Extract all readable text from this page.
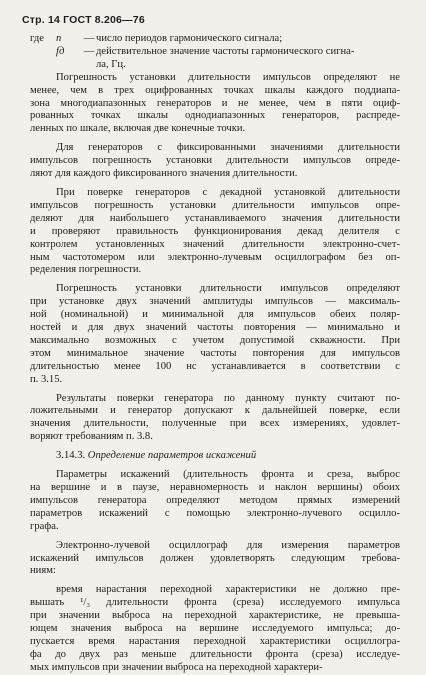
Стр. 14 ГОСТ 8.206—76
где	n	— число периодов гармонического сигнала;
fд	— действительное значение частоты гармонического сигна-
ла, Гц.
Погрешность установки длительности импульсов определяют не
менее, чем в трех оцифрованных точках шкалы каждого поддиапа-
зона многодиапазонных генераторов и не менее, чем в пяти оциф-
рованных точках шкалы однодиапазонных генераторов, распреде-
ленных по шкале, включая две конечные точки.
Для генераторов с фиксированными значениями длительности
импульсов погрешность установки длительности импульсов опреде-
ляют для каждого фиксированного значения длительности.
При поверке генераторов с декадной установкой длительности
импульсов погрешность установки длительности импульсов опре-
деляют для наибольшего устанавливаемого значения длительности
и проверяют правильность функционирования декад делителя с
контролем установленных значений длительности электронно-счет-
ным частотомером или электронно-лучевым осциллографом без оп-
ределения погрешности.
Погрешность установки длительности импульсов определяют
при установке двух значений амплитуды импульсов — максималь-
ной (номинальной) и минимальной для импульсов обеих поляр-
ностей и для двух значений частоты повторения — минимально и
максимально возможных с учетом допустимой скважности. При
этом минимальное значение частоты повторения для импульсов
длительностью менее 100 нс устанавливается в соответствии с
п. 3.15.
Результаты поверки генератора по данному пункту считают по-
ложительными и генератор допускают к дальнейшей поверке, если
значения длительности, полученные при всех измерениях, удовлет-
воряют требованиям п. 3.8.
3.14.3. Определение параметров искажений
Параметры искажений (длительность фронта и среза, выброс
на вершине и в паузе, неравномерность и наклон вершины) обоих
импульсов генератора определяют методом прямых измерений
параметров искажений с помощью электронно-лучевого осцилло-
графа.
Электронно-лучевой осциллограф для измерения параметров
искажений импульсов должен удовлетворять следующим требова-
ниям:
время нарастания переходной характеристики не должно пре-
вышать ¹/₃ длительности фронта (среза) исследуемого импульса
при значении выброса на переходной характеристике, не превыша-
ющем значения выброса на вершине исследуемого импульса; до-
пускается время нарастания переходной характеристики осциллогра-
фа до двух раз меньше длительности фронта (среза) исследуе-
мых импульсов при значении выброса на переходной характери-
